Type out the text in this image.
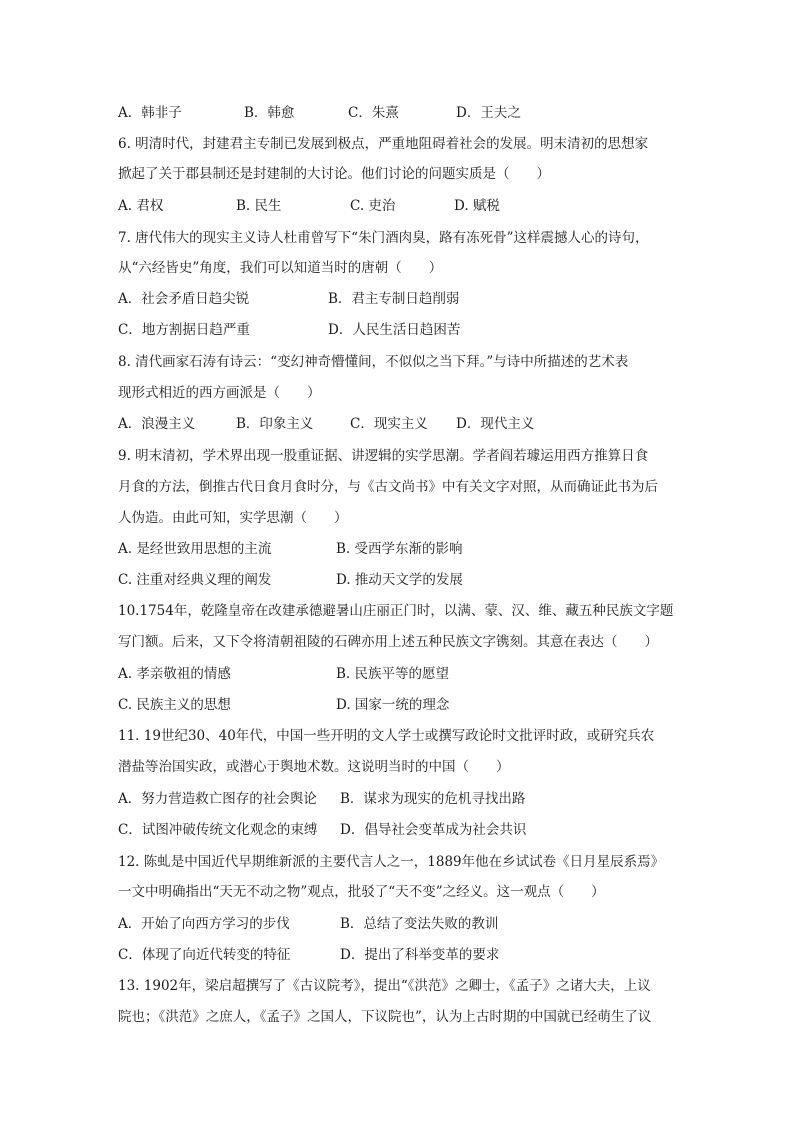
A．韩非子	B．韩愈	C．朱熹	D．王夫之
6. 明清时代，封建君主专制已发展到极点，严重地阻碍着社会的发展。明末清初的思想家
掀起了关于郡县制还是封建制的大讨论。他们讨论的问题实质是（　　）
A. 君权	B. 民生	C. 吏治	D. 赋税
7. 唐代伟大的现实主义诗人杜甫曾写下“朱门酒肉臭，路有冻死骨”这样震撼人心的诗句，
从“六经皆史”角度，我们可以知道当时的唐朝（　　）
A．社会矛盾日趋尖锐	B．君主专制日趋削弱
C．地方割据日趋严重	D．人民生活日趋困苦
8. 清代画家石涛有诗云：“变幻神奇懵懂间，不似似之当下拜。”与诗中所描述的艺术表
现形式相近的西方画派是（　　）
A．浪漫主义	B．印象主义	C．现实主义 D．现代主义
9. 明末清初，学术界出现一股重证据、讲逻辑的实学思潮。学者阎若璩运用西方推算日食
月食的方法，倒推古代日食月食时分，与《古文尚书》中有关文字对照，从而确证此书为后
人伪造。由此可知，实学思潮（　　）
A. 是经世致用思想的主流	B. 受西学东渐的影响
C. 注重对经典义理的阐发	D. 推动天文学的发展
10.1754年，乾隆皇帝在改建承德避暑山庄丽正门时，以满、蒙、汉、维、藏五种民族文字题
写门额。后来，又下令将清朝祖陵的石碑亦用上述五种民族文字镌刻。其意在表达（　　）
A. 孝亲敬祖的情感	B. 民族平等的愿望
C. 民族主义的思想	D. 国家一统的理念
11. 19世纪30、40年代，中国一些开明的文人学士或撰写政论时文批评时政，或研究兵农
潜盐等治国实政，或潜心于舆地术数。这说明当时的中国（　　）
A．努力营造救亡图存的社会舆论 B．谋求为现实的危机寻找出路
C．试图冲破传统文化观念的束缚 D．倡导社会变革成为社会共识
12. 陈虬是中国近代早期维新派的主要代言人之一，1889年他在乡试试卷《日月星辰系焉》
一文中明确指出“天无不动之物”观点，批驳了“天不变”之经义。这一观点（　　）
A．开始了向西方学习的步伐	B．总结了变法失败的教训
C．体现了向近代转变的特征	D．提出了科举变革的要求
13. 1902年，梁启超撰写了《古议院考》，提出“《洪范》之卿士，《孟子》之诸大夫，上议
院也；《洪范》之庶人，《孟子》之国人，下议院也”，认为上古时期的中国就已经萌生了议
